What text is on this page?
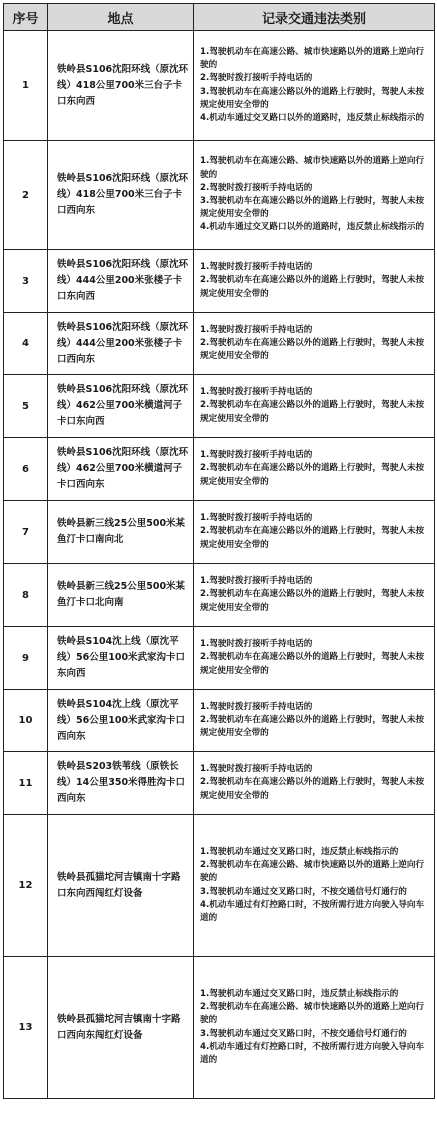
序号	地点	记录交通违法类别
1	铁岭县S106沈阳环线（原沈环线）418公里700米三台子卡口东向西	1.驾驶机动车在高速公路、城市快速路以外的道路上逆向行驶的
2.驾驶时拨打接听手持电话的
3.驾驶机动车在高速公路以外的道路上行驶时，驾驶人未按规定使用安全带的
4.机动车通过交叉路口以外的道路时，违反禁止标线指示的

2	铁岭县S106沈阳环线（原沈环线）418公里700米三台子卡口西向东	1.驾驶机动车在高速公路、城市快速路以外的道路上逆向行驶的
2.驾驶时拨打接听手持电话的
3.驾驶机动车在高速公路以外的道路上行驶时，驾驶人未按规定使用安全带的
4.机动车通过交叉路口以外的道路时，违反禁止标线指示的

3	铁岭县S106沈阳环线（原沈环线）444公里200米张楼子卡口东向西	1.驾驶时拨打接听手持电话的
2.驾驶机动车在高速公路以外的道路上行驶时，驾驶人未按规定使用安全带的

4	铁岭县S106沈阳环线（原沈环线）444公里200米张楼子卡口西向东	1.驾驶时拨打接听手持电话的
2.驾驶机动车在高速公路以外的道路上行驶时，驾驶人未按规定使用安全带的

5	铁岭县S106沈阳环线（原沈环线）462公里700米横道河子卡口东向西	1.驾驶时拨打接听手持电话的
2.驾驶机动车在高速公路以外的道路上行驶时，驾驶人未按规定使用安全带的

6	铁岭县S106沈阳环线（原沈环线）462公里700米横道河子卡口西向东	1.驾驶时拨打接听手持电话的
2.驾驶机动车在高速公路以外的道路上行驶时，驾驶人未按规定使用安全带的

7	铁岭县新三线25公里500米某鱼汀卡口南向北	1.驾驶时拨打接听手持电话的
2.驾驶机动车在高速公路以外的道路上行驶时，驾驶人未按规定使用安全带的

8	铁岭县新三线25公里500米某鱼汀卡口北向南	1.驾驶时拨打接听手持电话的
2.驾驶机动车在高速公路以外的道路上行驶时，驾驶人未按规定使用安全带的

9	铁岭县S104沈上线（原沈平线）56公里100米武家沟卡口东向西	1.驾驶时拨打接听手持电话的
2.驾驶机动车在高速公路以外的道路上行驶时，驾驶人未按规定使用安全带的

10	铁岭县S104沈上线（原沈平线）56公里100米武家沟卡口西向东	1.驾驶时拨打接听手持电话的
2.驾驶机动车在高速公路以外的道路上行驶时，驾驶人未按规定使用安全带的

11	铁岭县S203铁苇线（原铁长线）14公里350米得胜沟卡口西向东	1.驾驶时拨打接听手持电话的
2.驾驶机动车在高速公路以外的道路上行驶时，驾驶人未按规定使用安全带的

12	铁岭县孤猫坨河吉镇南十字路口东向西闯红灯设备	1.驾驶机动车通过交叉路口时，违反禁止标线指示的
2.驾驶机动车在高速公路、城市快速路以外的道路上逆向行驶的
3.驾驶机动车通过交叉路口时，不按交通信号灯通行的
4.机动车通过有灯控路口时，不按所需行进方向驶入导向车道的

13	铁岭县孤猫坨河吉镇南十字路口西向东闯红灯设备	1.驾驶机动车通过交叉路口时，违反禁止标线指示的
2.驾驶机动车在高速公路、城市快速路以外的道路上逆向行驶的
3.驾驶机动车通过交叉路口时，不按交通信号灯通行的
4.机动车通过有灯控路口时，不按所需行进方向驶入导向车道的
